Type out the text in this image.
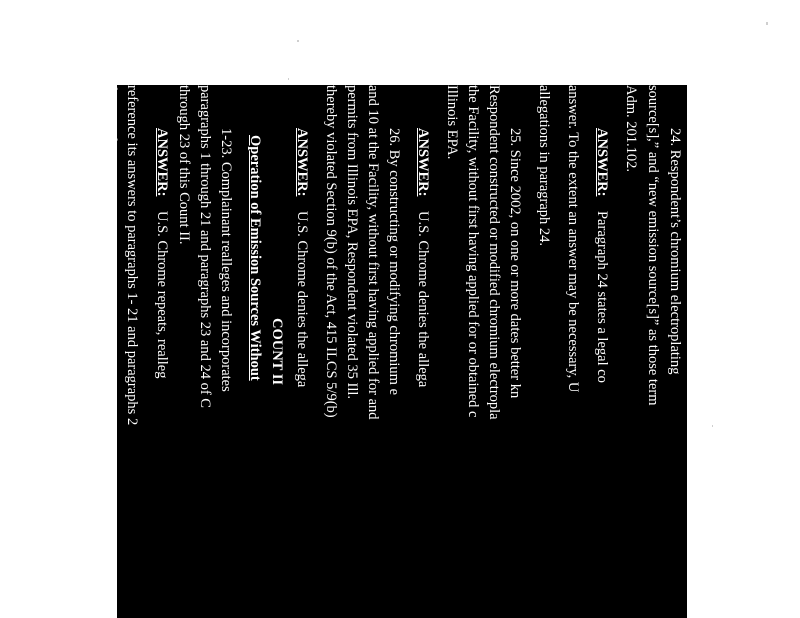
24. Respondent’s chromium electroplating

source[s],” and “new emission source[s]” as those term

Adm. 201.102.

ANSWER:    Paragraph 24 states a legal co

answer. To the extent an answer may be necessary, U

allegations in paragraph 24.

25. Since 2002, on one or more dates better kn

Respondent constructed or modified chromium electropla

the Facility, without first having applied for or obtained c

Illinois EPA.

ANSWER:    U.S. Chrome denies the allega

26. By constructing or modifying chromium e

and 10 at the Facility, without first having applied for and

permits from Illinois EPA, Respondent violated 35 Ill.

thereby violated Section 9(b) of the Act, 415 ILCS 5/9(b)

ANSWER:    U.S. Chrome denies the allega

COUNT II

Operation of Emission Sources Without

1-23. Complainant realleges and incorporates

paragraphs 1 through 21 and paragraphs 23 and 24 of C

through 23 of this Count II.

ANSWER:    U.S. Chrome repeats, realleg

reference its answers to paragraphs 1- 21 and paragraphs 2

fully set forth herein.

24. Section 201.143 of the Board regulation

201.143, provides, as follows:
